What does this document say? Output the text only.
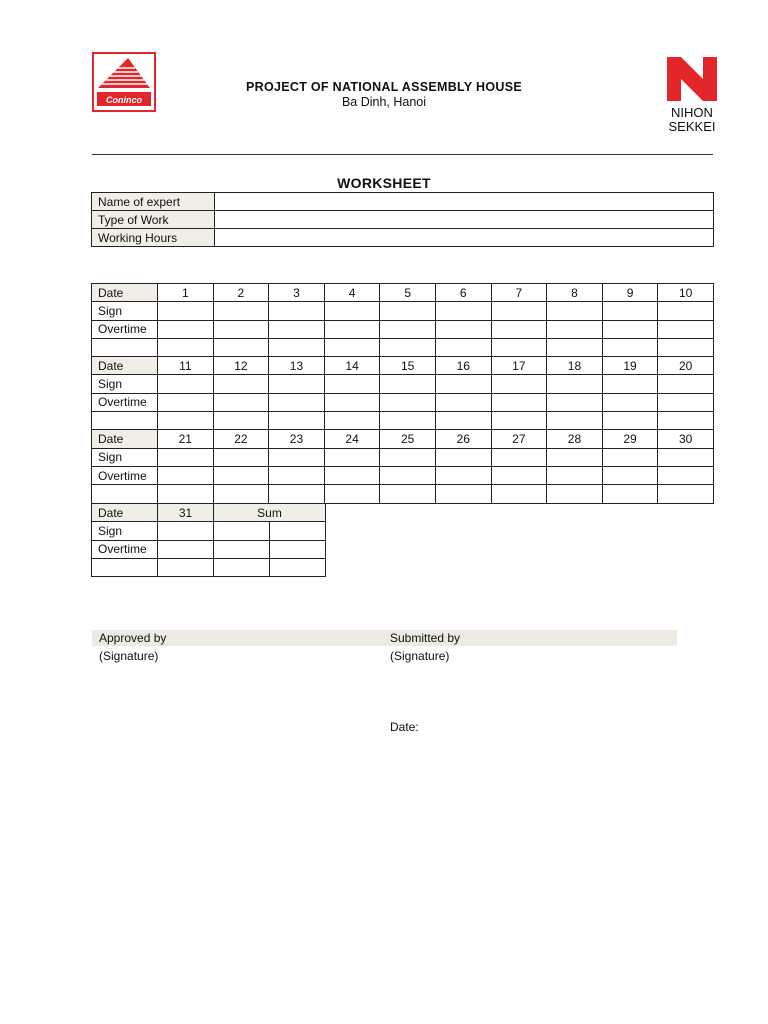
Coninco
PROJECT OF NATIONAL ASSEMBLY HOUSE
Ba Dinh, Hanoi
NIHON
SEKKEI
WORKSHEET
Name of expert	
Type of Work	
Working Hours	
Date	1	2	3	4	5	6	7	8	9	10
Sign										
Overtime										

Date	11	12	13	14	15	16	17	18	19	20
Sign										
Overtime										

Date	21	22	23	24	25	26	27	28	29	30
Sign										
Overtime										

Date	31	Sum	
Sign			
Overtime			

Approved by	Submitted by
(Signature)	(Signature)
Date:
